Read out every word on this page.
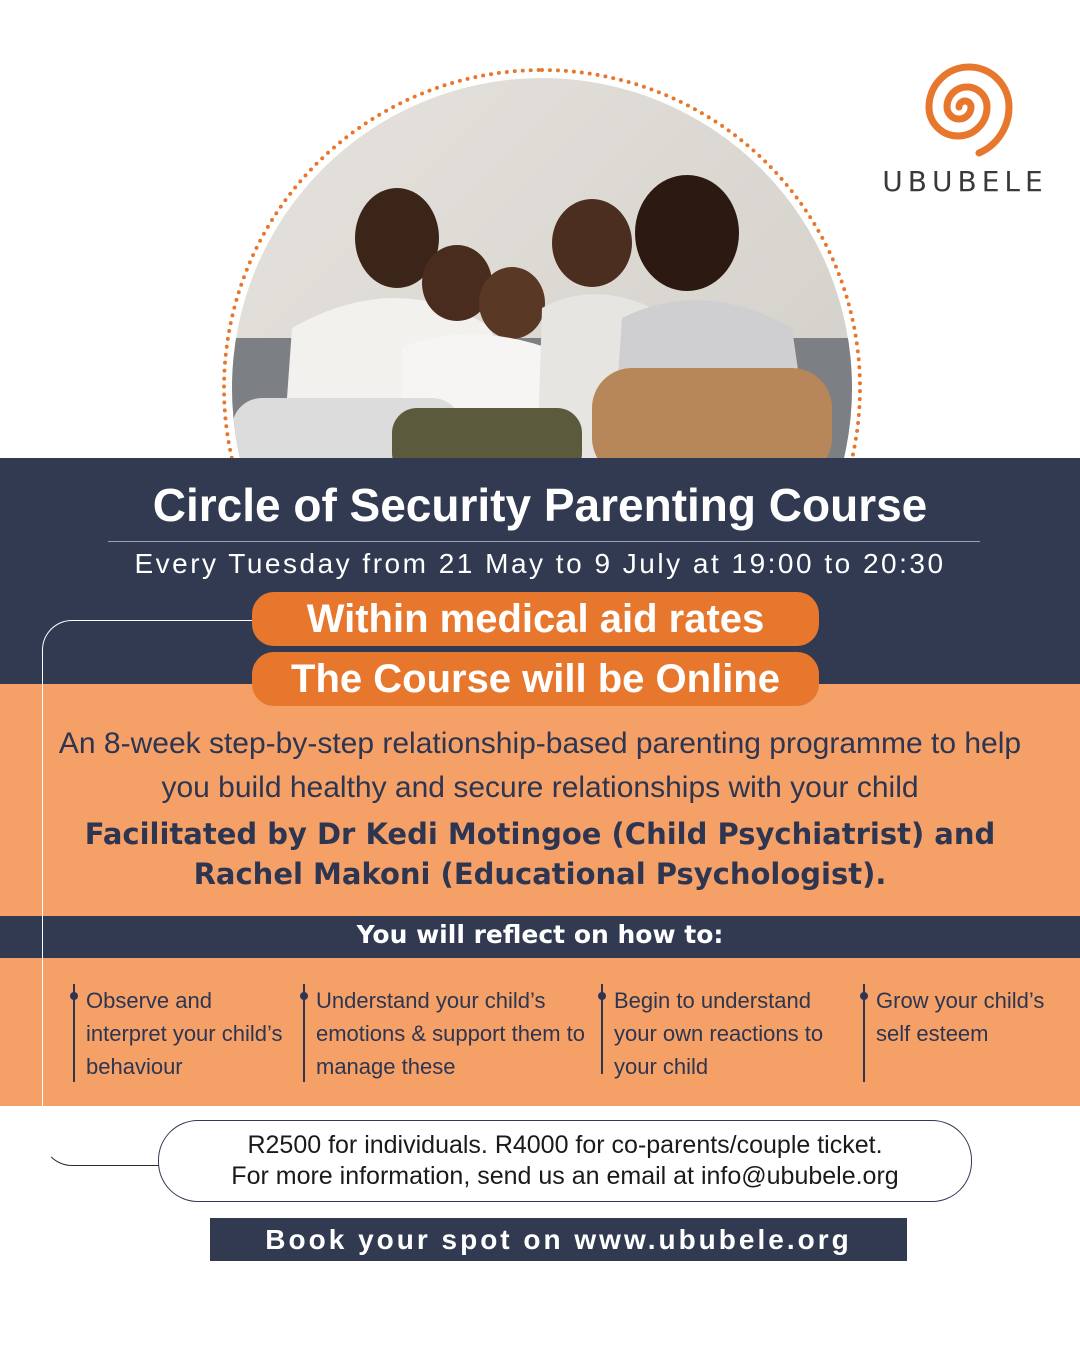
UBUBELE
Circle of Security Parenting Course
Every Tuesday from 21 May to 9 July at 19:00 to 20:30
Within medical aid rates
The Course will be Online
An 8-week step-by-step relationship-based parenting programme to help you build healthy and secure relationships with your child
Facilitated by Dr Kedi Motingoe (Child Psychiatrist) and Rachel Makoni (Educational Psychologist).
You will reflect on how to:
Observe and interpret your child’s behaviour
Understand your child’s emotions & support them to manage these
Begin to understand your own reactions to your child
Grow your child’s self esteem
R2500 for individuals. R4000 for co-parents/couple ticket.
For more information, send us an email at info@ububele.org
Book your spot on www.ububele.org
